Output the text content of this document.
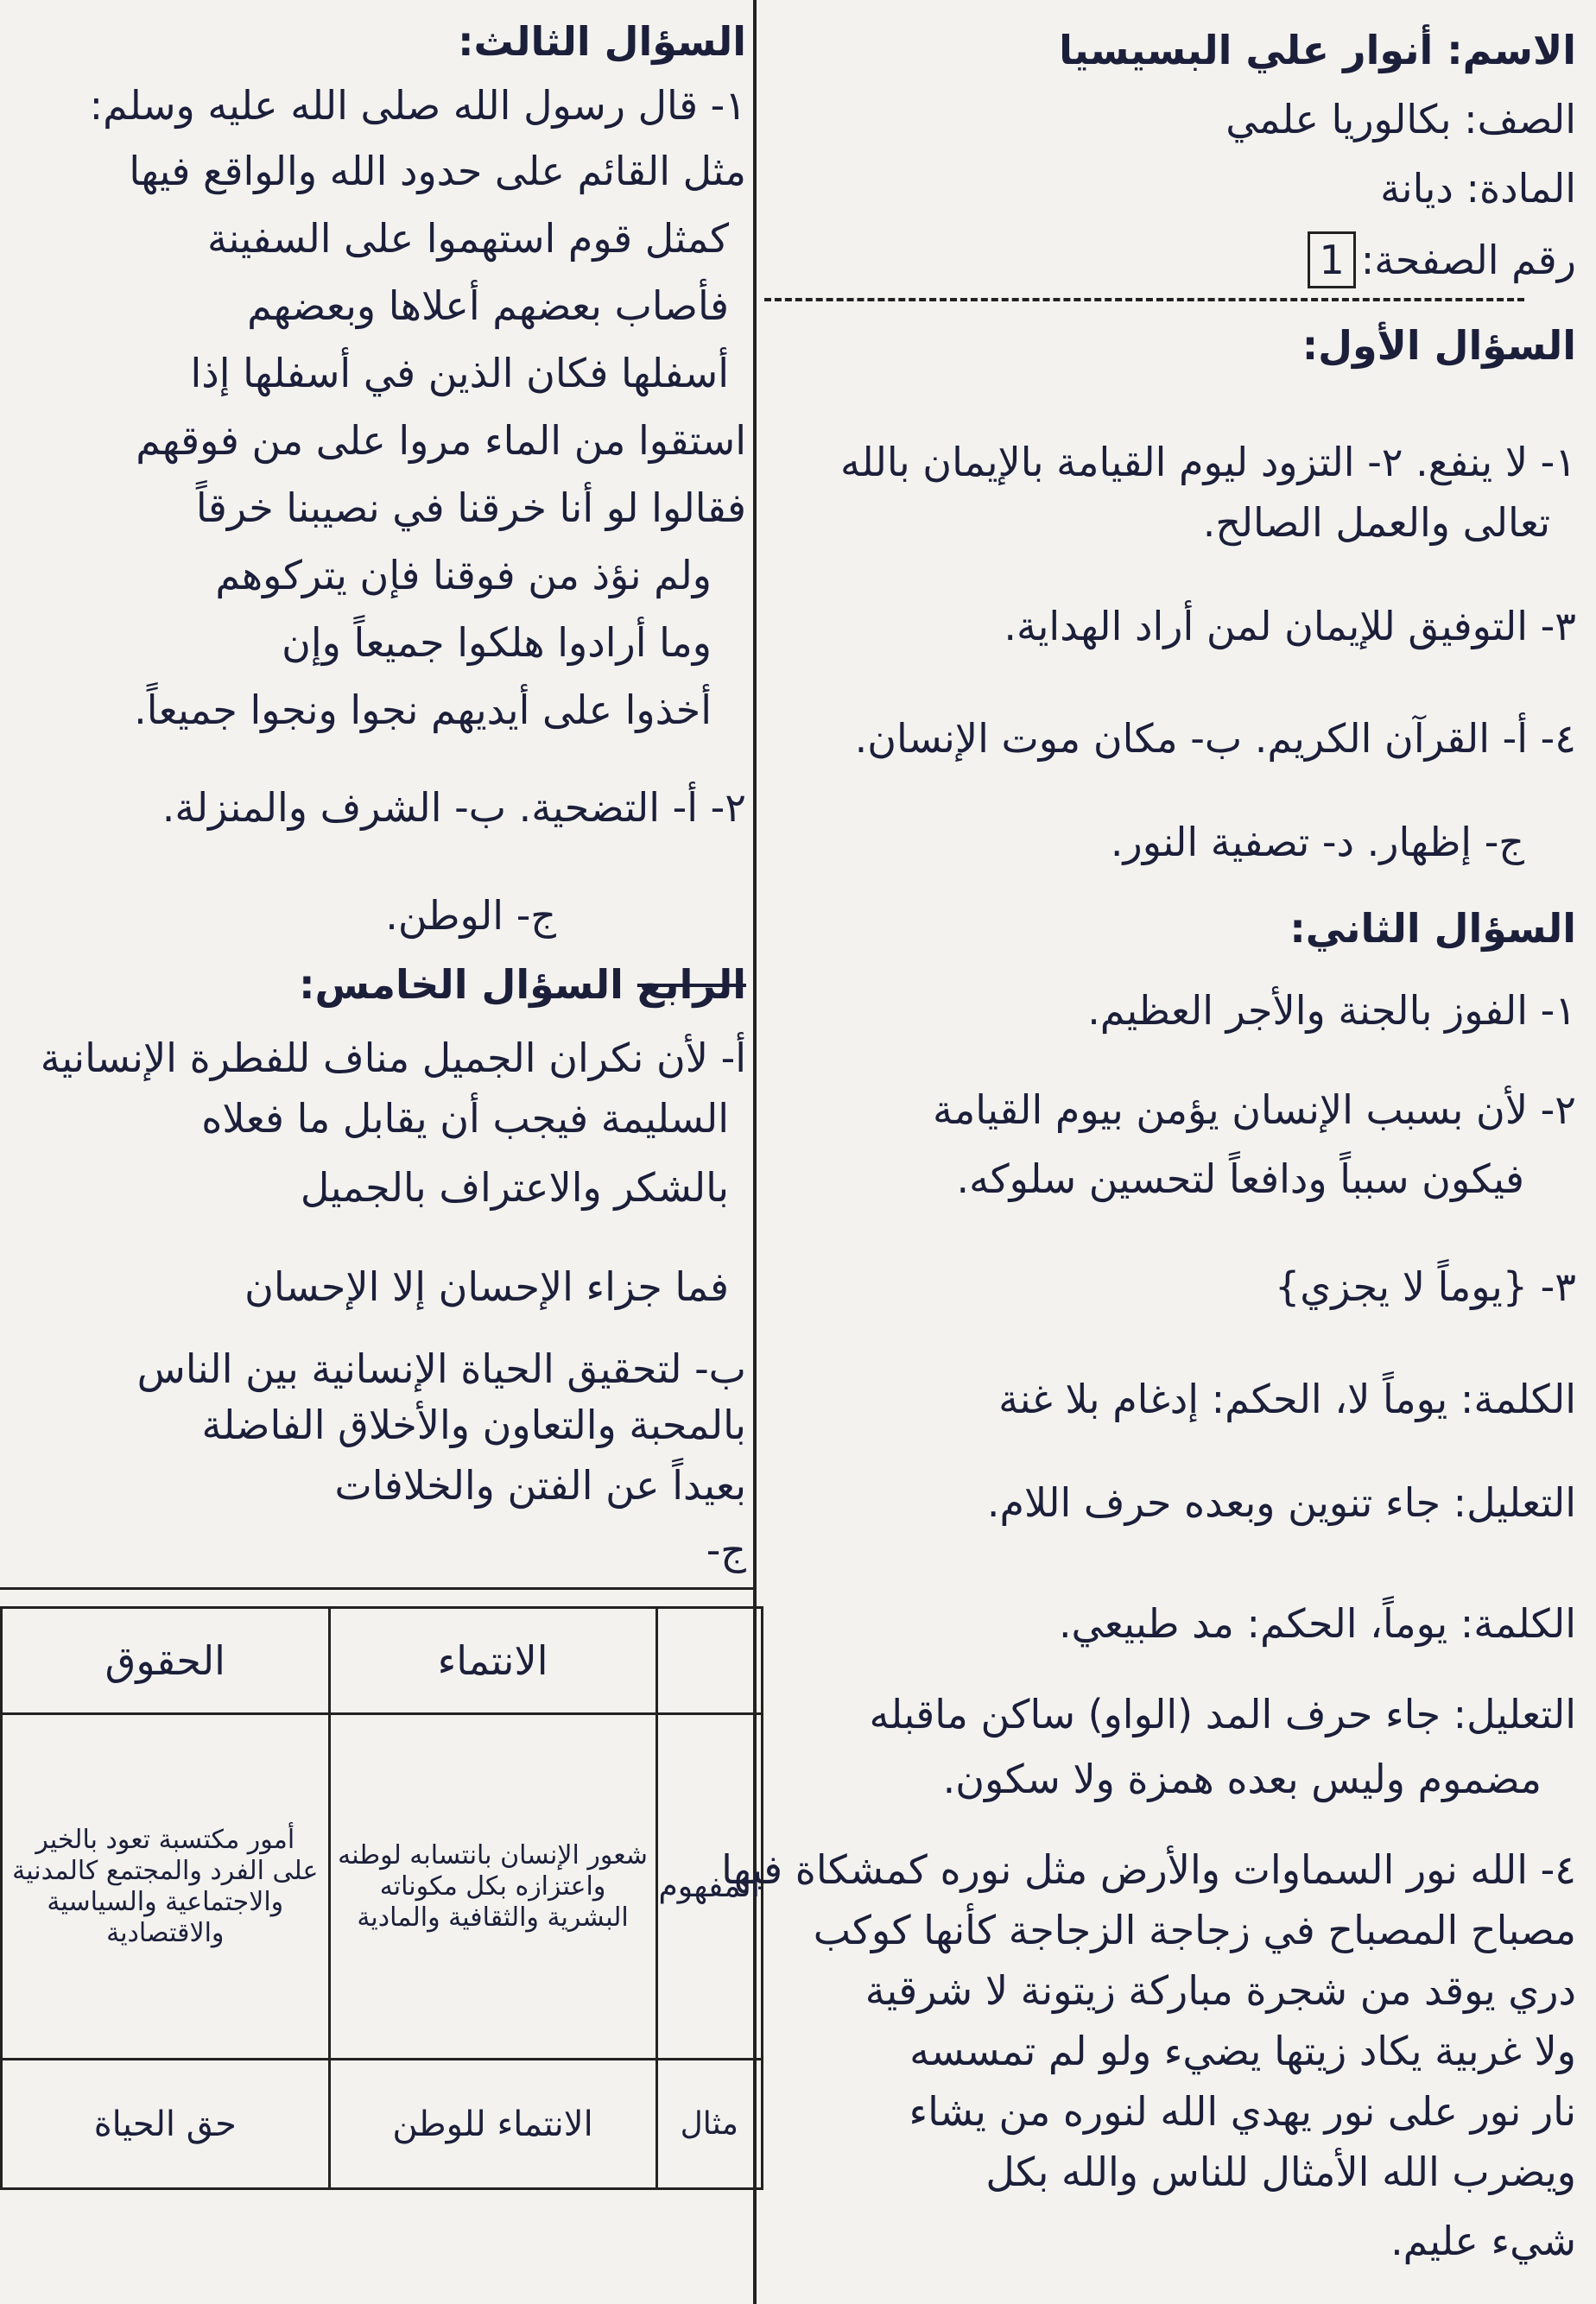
الاسم: أنوار علي البسيسيا
الصف: بكالوريا علمي
المادة: ديانة
رقم الصفحة:1
السؤال الأول:
١- لا ينفع. ٢- التزود ليوم القيامة بالإيمان بالله
تعالى والعمل الصالح.
٣- التوفيق للإيمان لمن أراد الهداية.
٤- أ- القرآن الكريم. ب- مكان موت الإنسان.
ج- إظهار. د- تصفية النور.
السؤال الثاني:
١- الفوز بالجنة والأجر العظيم.
٢- لأن بسبب الإنسان يؤمن بيوم القيامة
فيكون سبباً ودافعاً لتحسين سلوكه.
٣- {يوماً لا يجزي}
الكلمة: يوماً لا، الحكم: إدغام بلا غنة
التعليل: جاء تنوين وبعده حرف اللام.
الكلمة: يوماً، الحكم: مد طبيعي.
التعليل: جاء حرف المد (الواو) ساكن ماقبله
مضموم وليس بعده همزة ولا سكون.
٤- الله نور السماوات والأرض مثل نوره كمشكاة فيها
مصباح المصباح في زجاجة الزجاجة كأنها كوكب
دري يوقد من شجرة مباركة زيتونة لا شرقية
ولا غربية يكاد زيتها يضيء ولو لم تمسسه
نار نور على نور يهدي الله لنوره من يشاء
ويضرب الله الأمثال للناس والله بكل
شيء عليم.
السؤال الثالث:
١- قال رسول الله صلى الله عليه وسلم:
مثل القائم على حدود الله والواقع فيها
كمثل قوم استهموا على السفينة
فأصاب بعضهم أعلاها وبعضهم
أسفلها فكان الذين في أسفلها إذا
استقوا من الماء مروا على من فوقهم
فقالوا لو أنا خرقنا في نصيبنا خرقاً
ولم نؤذ من فوقنا فإن يتركوهم
وما أرادوا هلكوا جميعاً وإن
أخذوا على أيديهم نجوا ونجوا جميعاً.
٢- أ- التضحية. ب- الشرف والمنزلة.
ج- الوطن.
الرابع السؤال الخامس:
أ- لأن نكران الجميل مناف للفطرة الإنسانية
السليمة فيجب أن يقابل ما فعلاه
بالشكر والاعتراف بالجميل
فما جزاء الإحسان إلا الإحسان
ب- لتحقيق الحياة الإنسانية بين الناس
بالمحبة والتعاون والأخلاق الفاضلة
بعيداً عن الفتن والخلافات
ج-
	الانتماء	الحقوق
المفهوم	شعور الإنسان بانتسابه لوطنه واعتزازه بكل مكوناته البشرية والثقافية والمادية	أمور مكتسبة تعود بالخير على الفرد والمجتمع كالمدنية والاجتماعية والسياسية والاقتصادية
مثال	الانتماء للوطن	حق الحياة
